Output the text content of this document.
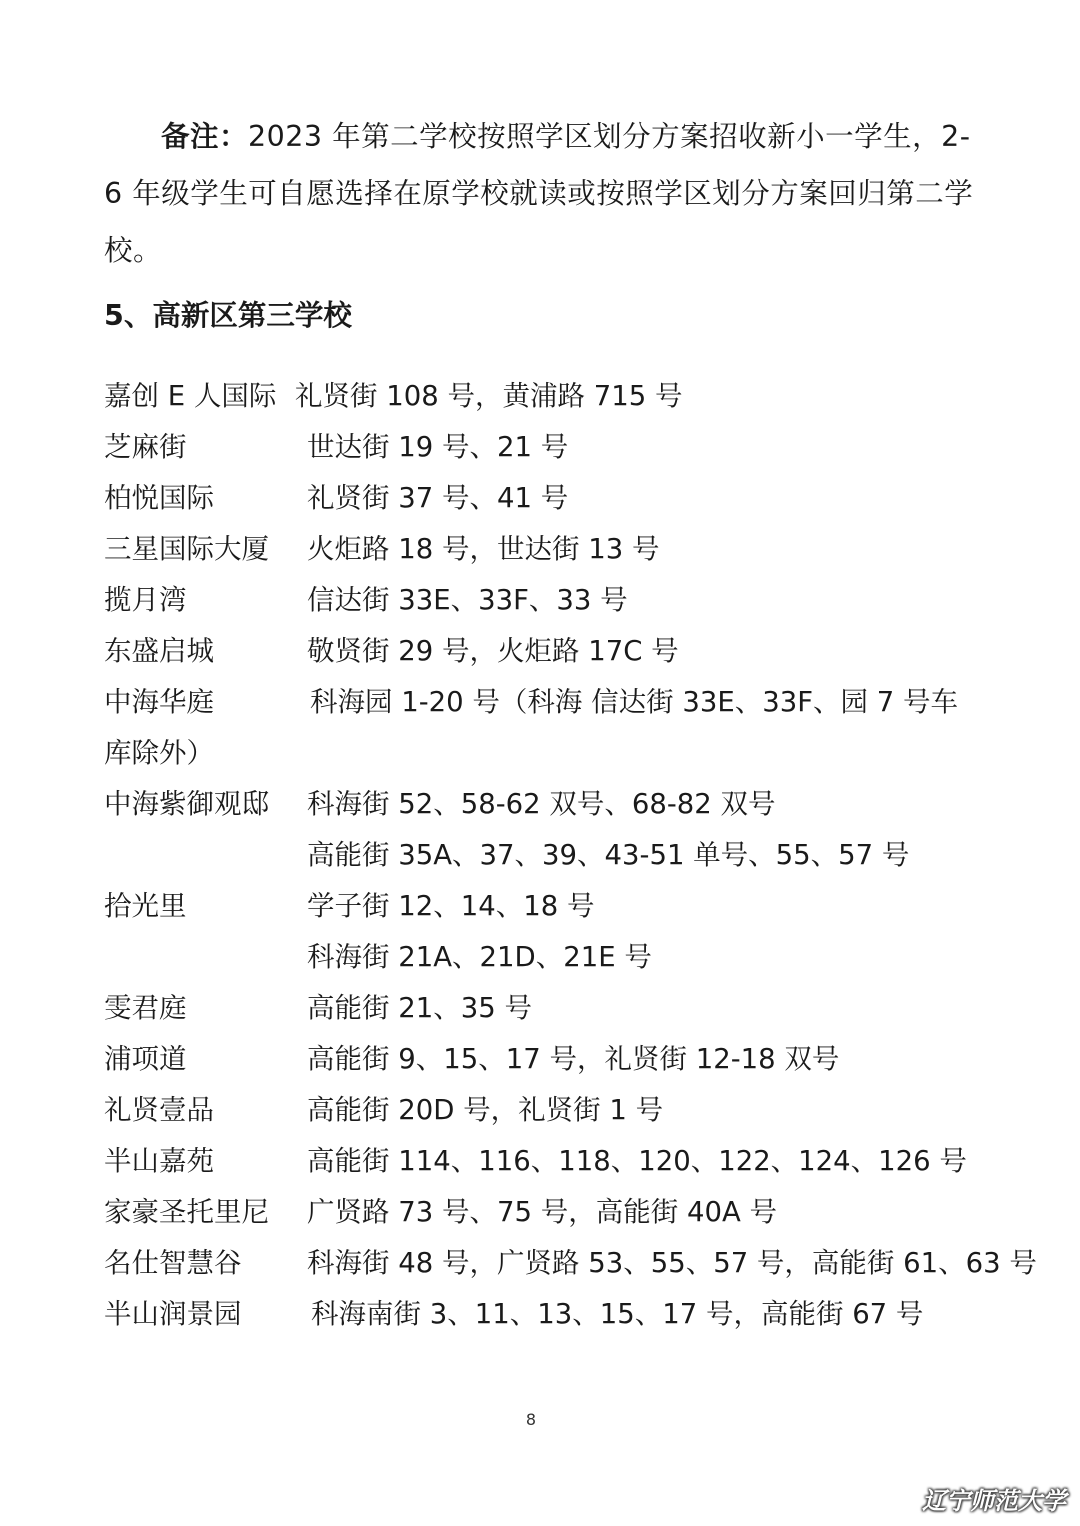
备注：2023 年第二学校按照学区划分方案招收新小一学生，2-6 年级学生可自愿选择在原学校就读或按照学区划分方案回归第二学校。
5、高新区第三学校
嘉创 E 人国际 礼贤街 108 号，黄浦路 715 号
芝麻街	世达街 19 号、21 号
柏悦国际	礼贤街 37 号、41 号
三星国际大厦 火炬路 18 号，世达街 13 号
揽月湾	信达街 33E、33F、33 号
东盛启城	敬贤街 29 号，火炬路 17C 号
中海华庭	科海园 1-20 号（科海 信达街 33E、33F、园 7 号车
库除外）
中海紫御观邸 科海街 52、58-62 双号、68-82 双号
高能街 35A、37、39、43-51 单号、55、57 号
拾光里	学子街 12、14、18 号
科海街 21A、21D、21E 号
雯君庭	高能街 21、35 号
浦项道	高能街 9、15、17 号，礼贤街 12-18 双号
礼贤壹品	高能街 20D 号，礼贤街 1 号
半山嘉苑	高能街 114、116、118、120、122、124、126 号
家豪圣托里尼 广贤路 73 号、75 号，高能街 40A 号
名仕智慧谷 科海街 48 号，广贤路 53、55、57 号，高能街 61、63 号
半山润景园	科海南街 3、11、13、15、17 号，高能街 67 号
8
辽宁师范大学
